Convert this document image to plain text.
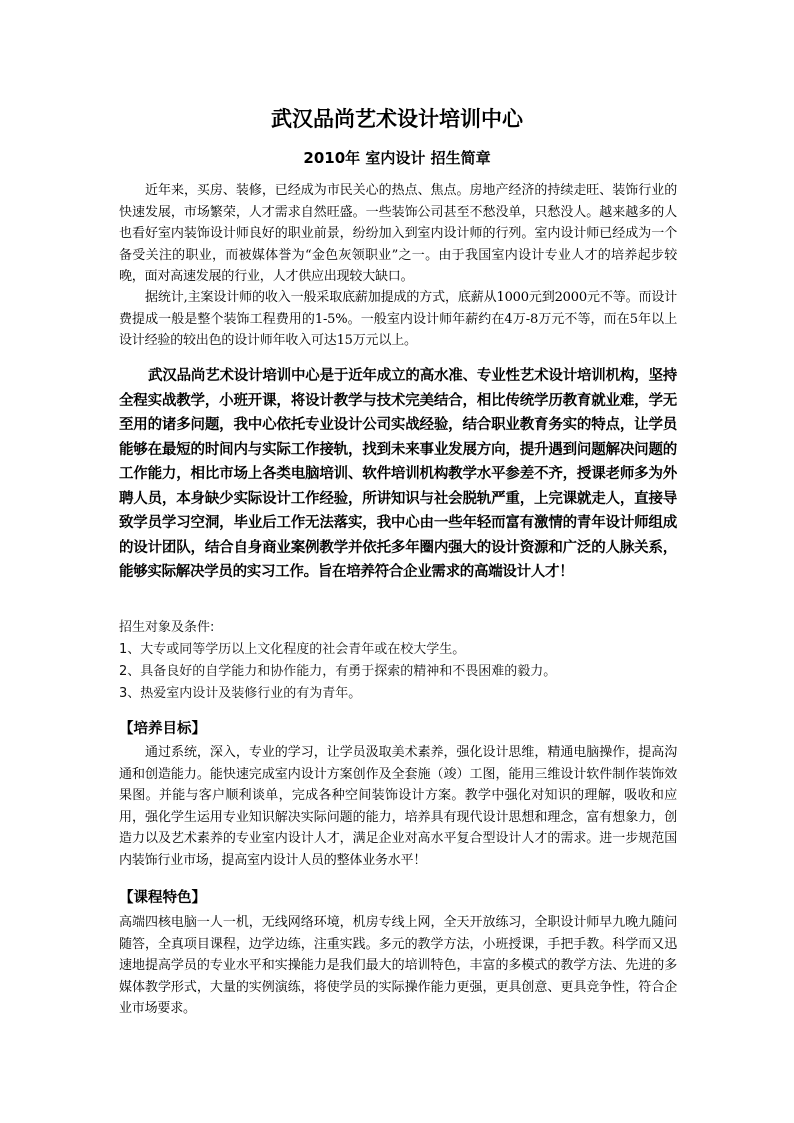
武汉品尚艺术设计培训中心
2010年 室内设计 招生简章

近年来，买房、装修，已经成为市民关心的热点、焦点。房地产经济的持续走旺、装饰行业的快速发展，市场繁荣，人才需求自然旺盛。一些装饰公司甚至不愁没单，只愁没人。越来越多的人也看好室内装饰设计师良好的职业前景，纷纷加入到室内设计师的行列。室内设计师已经成为一个备受关注的职业，而被媒体誉为“金色灰领职业”之一。由于我国室内设计专业人才的培养起步较晚，面对高速发展的行业，人才供应出现较大缺口。

据统计,主案设计师的收入一般采取底薪加提成的方式，底薪从1000元到2000元不等。而设计费提成一般是整个装饰工程费用的1-5%。一般室内设计师年薪约在4万-8万元不等，而在5年以上设计经验的较出色的设计师年收入可达15万元以上。

武汉品尚艺术设计培训中心是于近年成立的高水准、专业性艺术设计培训机构，坚持全程实战教学，小班开课，将设计教学与技术完美结合，相比传统学历教育就业难，学无至用的诸多问题，我中心依托专业设计公司实战经验，结合职业教育务实的特点，让学员能够在最短的时间内与实际工作接轨，找到未来事业发展方向，提升遇到问题解决问题的工作能力，相比市场上各类电脑培训、软件培训机构教学水平参差不齐，授课老师多为外聘人员，本身缺少实际设计工作经验，所讲知识与社会脱轨严重，上完课就走人，直接导致学员学习空洞，毕业后工作无法落实，我中心由一些年轻而富有激情的青年设计师组成的设计团队，结合自身商业案例教学并依托多年圈内强大的设计资源和广泛的人脉关系，能够实际解决学员的实习工作。旨在培养符合企业需求的高端设计人才！

招生对象及条件:
1、大专或同等学历以上文化程度的社会青年或在校大学生。
2、具备良好的自学能力和协作能力，有勇于探索的精神和不畏困难的毅力。
3、热爱室内设计及装修行业的有为青年。
【培养目标】

通过系统，深入，专业的学习，让学员汲取美术素养，强化设计思维，精通电脑操作，提高沟通和创造能力。能快速完成室内设计方案创作及全套施（竣）工图，能用三维设计软件制作装饰效果图。并能与客户顺利谈单，完成各种空间装饰设计方案。教学中强化对知识的理解，吸收和应用，强化学生运用专业知识解决实际问题的能力，培养具有现代设计思想和理念，富有想象力，创造力以及艺术素养的专业室内设计人才，满足企业对高水平复合型设计人才的需求。进一步规范国内装饰行业市场，提高室内设计人员的整体业务水平！

【课程特色】

高端四核电脑一人一机，无线网络环境，机房专线上网，全天开放练习，全职设计师早九晚九随问随答，全真项目课程，边学边练，注重实践。多元的教学方法，小班授课，手把手教。科学而又迅速地提高学员的专业水平和实操能力是我们最大的培训特色，丰富的多模式的教学方法、先进的多媒体教学形式，大量的实例演练，将使学员的实际操作能力更强，更具创意、更具竞争性，符合企业市场要求。
